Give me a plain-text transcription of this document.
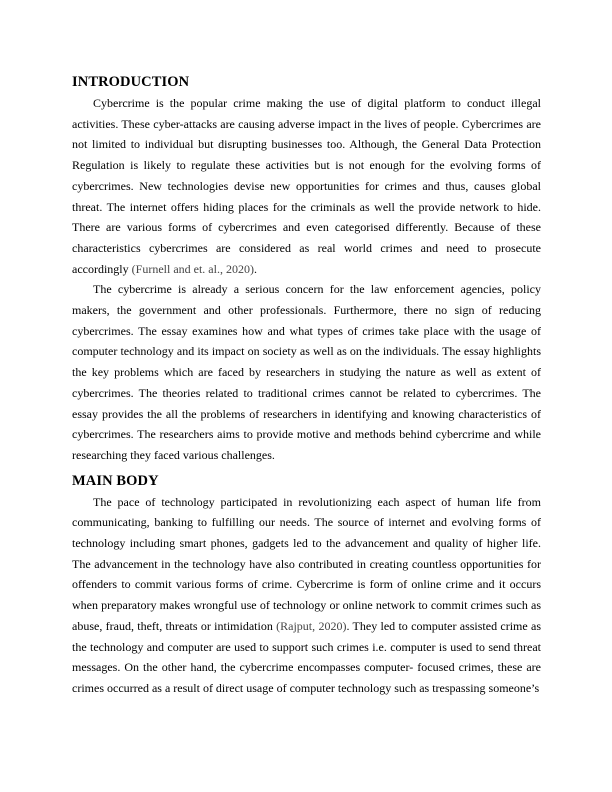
INTRODUCTION

Cybercrime is the popular crime making the use of digital platform to conduct illegal activities. These cyber-attacks are causing adverse impact in the lives of people. Cybercrimes are not limited to individual but disrupting businesses too. Although, the General Data Protection Regulation is likely to regulate these activities but is not enough for the evolving forms of cybercrimes. New technologies devise new opportunities for crimes and thus, causes global threat. The internet offers hiding places for the criminals as well the provide network to hide. There are various forms of cybercrimes and even categorised differently. Because of these characteristics cybercrimes are considered as real world crimes and need to prosecute accordingly (Furnell and et. al., 2020).

The cybercrime is already a serious concern for the law enforcement agencies, policy makers, the government and other professionals. Furthermore, there no sign of reducing cybercrimes. The essay examines how and what types of crimes take place with the usage of computer technology and its impact on society as well as on the individuals. The essay highlights the key problems which are faced by researchers in studying the nature as well as extent of cybercrimes. The theories related to traditional crimes cannot be related to cybercrimes. The essay provides the all the problems of researchers in identifying and knowing characteristics of cybercrimes. The researchers aims to provide motive and methods behind cybercrime and while researching they faced various challenges.

MAIN BODY

The pace of technology participated in revolutionizing each aspect of human life from communicating, banking to fulfilling our needs. The source of internet and evolving forms of technology including smart phones, gadgets led to the advancement and quality of higher life. The advancement in the technology have also contributed in creating countless opportunities for offenders to commit various forms of crime. Cybercrime is form of online crime and it occurs when preparatory makes wrongful use of technology or online network to commit crimes such as abuse, fraud, theft, threats or intimidation (Rajput, 2020). They led to computer assisted crime as the technology and computer are used to support such crimes i.e. computer is used to send threat messages. On the other hand, the cybercrime encompasses computer- focused crimes, these are crimes occurred as a result of direct usage of computer technology such as trespassing someone’s
